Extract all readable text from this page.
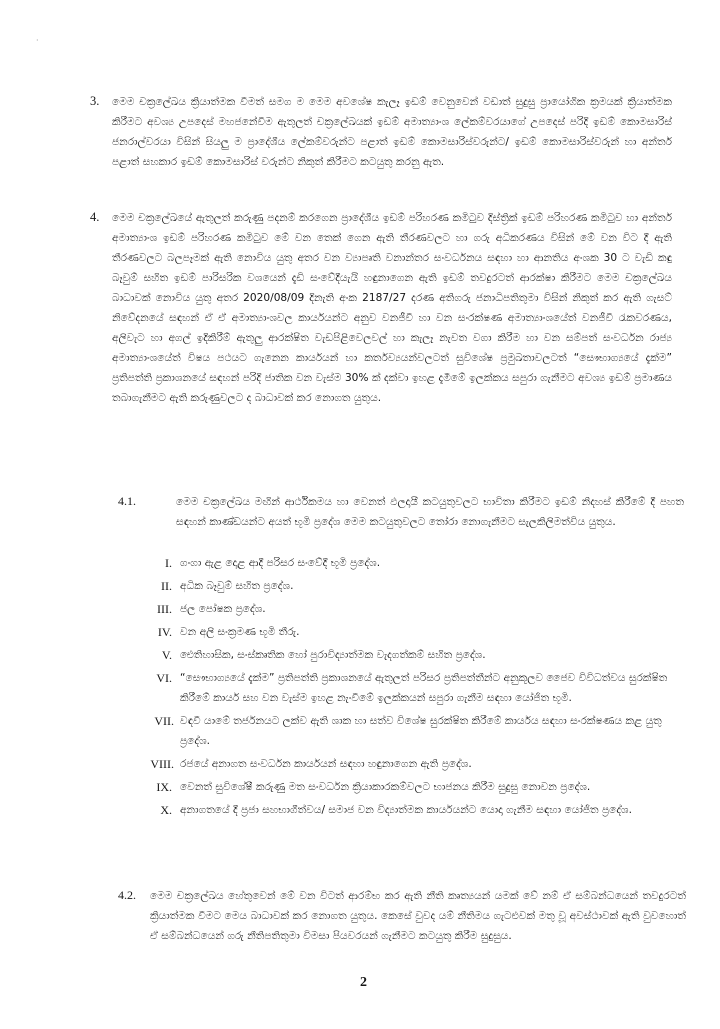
·
3. මෙම චක්‍රලේඛය ක්‍රියාත්මක වීමත් සමග ම මෙම අවශේෂ කැලෑ ඉඩම් වෙනුවෙන් වඩාත් සුදුසු ප්‍රායෝගික ක්‍රමයක් ක්‍රියාත්මක කිරීමට අවශ්‍ය උපදෙස් මහජනේවීම ඇතුලත් චක්‍රලේඛයක් ඉඩම් අමාත්‍යාංශ ලේකම්වරයාගේ උපදෙස් පරිදි ඉඩම් කොමසාරිස් ජනරාල්වරයා විසින් සියලු ම ප්‍රාදේශීය ලේකම්වරුන්ට පළාත් ඉඩම් කොමසාරිස්වරුන්ට/ ඉඩම් කොමසාරිස්වරුන් හා අන්තර් පළාත් සහකාර ඉඩම් කොමසාරිස් වරුන්ට නිකුත් කිරීමට කටයුතු කරනු ඇත.
4. මෙම චක්‍රලේඛයේ ඇතුලත් කරුණු පදනම් කරගෙන ප්‍රාදේශීය ඉඩම් පරිහරණ කමිටුව දිස්ත්‍රික් ඉඩම් පරිහරණ කමිටුව හා අන්තර් අමාත්‍යාංශ ඉඩම් පරිහරණ කමිටුව මේ වන තෙක් ගෙන ඇති තීරණවලට හා ගරු අධිකරණය විසින් මේ වන විට දී ඇති තීරණවලට බලපෑමක් ඇති නොවිය යුතු අතර වන ව්‍යාපෘති වනාන්තර සංවර්ධනය සඳහා හා ආනතිය අංශක 30 ට වැඩි කඳු බෑවුම් සහිත ඉඩම් පාරිසරික වශයෙන් දැඩි සංවේදීයැයි හඳුනාගෙන ඇති ඉඩම් තවදුරටත් ආරක්ෂා කිරීමට මෙම චක්‍රලේඛය බාධාවක් නොවිය යුතු අතර 2020/08/09 දිනැති අංක 2187/27 දරණ අතිගරු ජනාධිපතිතුමා විසින් නිකුත් කර ඇති ගැසට් නිවේදනයේ සඳහන් ඒ ඒ අමාත්‍යාංශවල කාර්යයන්ට අනුව වනජීවී හා වන සංරක්ෂණ අමාත්‍යාංශයේත් වනජීවී රැකවරණය, අලිවැට හා අගල් ඉදිකිරීම් ඇතුලු ආරක්ෂිත වැඩපිළිවෙලවල් හා කැලෑ නැවත වගා කිරීම හා වන සම්පත් සංවර්ධන රාජ්‍ය අමාත්‍යාංශයේත් විෂය පථයට ගැනෙන කාර්යයන් හා කර්තව්‍යයන්වලටත් සුවිශේෂ ප්‍රමුඛතාවලටත් “සෞභාග්‍යයේ දැක්ම” ප්‍රතිපත්ති ප්‍රකාශනයේ සඳහන් පරිදි ජාතික වන වැස්ම 30% ක් දක්වා ඉහළ දැමීමේ ඉලක්කය සපුරා ගැනීමට අවශ්‍ය ඉඩම් ප්‍රමාණය තබාගැනීමට ඇති කරුණුවලට ද බාධාවක් කර නොගත යුතුය.
4.1.	මෙම චක්‍රලේඛය මඟින් ආර්ථිකමය හා වෙනත් ඵලදායී කටයුතුවලට භාවිතා කිරීමට ඉඩම් නිදහස් කිරීමේ දී පහත සඳහන් කාණ්ඩයන්ට අයත් භූමි ප්‍රදේශ මෙම කටයුතුවලට තෝරා නොගැනීමට සැලකිලිමත්විය යුතුය.
I. ගංගා ඇළ දොළ ආදී පරිසර සංවේදී භූමි ප්‍රදේශ.
II. අධික බෑවුම් සහිත ප්‍රදේශ.
III. ජල පෝෂක ප්‍රදේශ.
IV. වන අලි සංක්‍රමණ භූමි තීරු.
V. ඓතිහාසික, සංස්කෘතික හෝ පුරාවිද්‍යාත්මක වැදගත්කම් සහිත ප්‍රදේශ.
VI. “සෞභාග්‍යයේ දැක්ම” ප්‍රතිපත්ති ප්‍රකාශනයේ ඇතුලත් පරිසර ප්‍රතිපත්තීන්ට අනුකූලව ජෛව විවිධත්වය සුරක්ෂිත කිරීමේ කාර්ය සහ වන වැස්ම ඉහළ නැංවීමේ ඉලක්කයන් සපුරා ගැනීම සඳහා යෝජිත භූමි.
VII. වඳවී යාමේ තර්ජනයට ලක්ව ඇති ශාක හා සත්ව විශේෂ සුරක්ෂිත කිරීමේ කාර්යය සඳහා සංරක්ෂණය කළ යුතු ප්‍රදේශ.
VIII. රජයේ අනාගත සංවර්ධන කාර්යයන් සඳහා හඳුනාගෙන ඇති ප්‍රදේශ.
IX. වෙනත් සුවිශේෂී කරුණු මත සංවර්ධන ක්‍රියාකාරකම්වලට භාජනය කිරීම සුදුසු නොවන ප්‍රදේශ.
X. අනාගතයේ දී ප්‍රජා සහභාගීත්වය/ සමාජ වන විද්‍යාත්මක කාර්යයන්ට යොදා ගැනීම සඳහා යෝජිත ප්‍රදේශ.
4.2. මෙම චක්‍රලේඛය හේතුවෙන් මේ වන විටත් ආරම්භ කර ඇති නීති කෘත්‍යයන් යමක් වේ නම් ඒ සම්බන්ධයෙන් තවදුරටත් ක්‍රියාත්මක වීමට මෙය බාධාවක් කර නොගත යුතුය. කෙසේ වුවද යම් නීතිමය ගැටළුවක් මතු වූ අවස්ථාවක් ඇති වුවහොත් ඒ සම්බන්ධයෙන් ගරු නීතිපතිතුමා විමසා පියවරයන් ගැනීමට කටයුතු කිරීම සුදුසුය.
2
